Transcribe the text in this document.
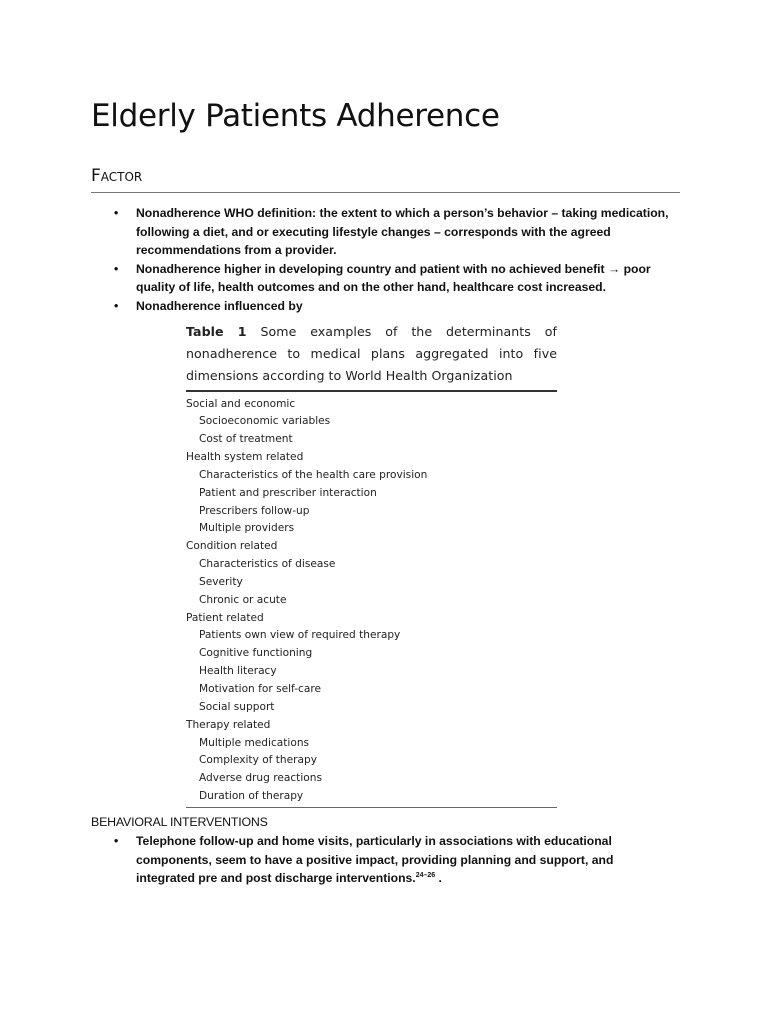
Elderly Patients Adherence
Factor
• Nonadherence WHO definition: the extent to which a person’s behavior – taking medication, following a diet, and or executing lifestyle changes – corresponds with the agreed recommendations from a provider.
• Nonadherence higher in developing country and patient with no achieved benefit → poor quality of life, health outcomes and on the other hand, healthcare cost increased.
• Nonadherence influenced by

Table 1 Some examples of the determinants of nonadherence to medical plans aggregated into five dimensions according to World Health Organization

Social and economic
Socioeconomic variables
Cost of treatment
Health system related
Characteristics of the health care provision
Patient and prescriber interaction
Prescribers follow-up
Multiple providers
Condition related
Characteristics of disease
Severity
Chronic or acute
Patient related
Patients own view of required therapy
Cognitive functioning
Health literacy
Motivation for self-care
Social support
Therapy related
Multiple medications
Complexity of therapy
Adverse drug reactions
Duration of therapy
BEHAVIORAL INTERVENTIONS
• Telephone follow-up and home visits, particularly in associations with educational components, seem to have a positive impact, providing planning and support, and integrated pre and post discharge interventions.$^{24-26}$ .
